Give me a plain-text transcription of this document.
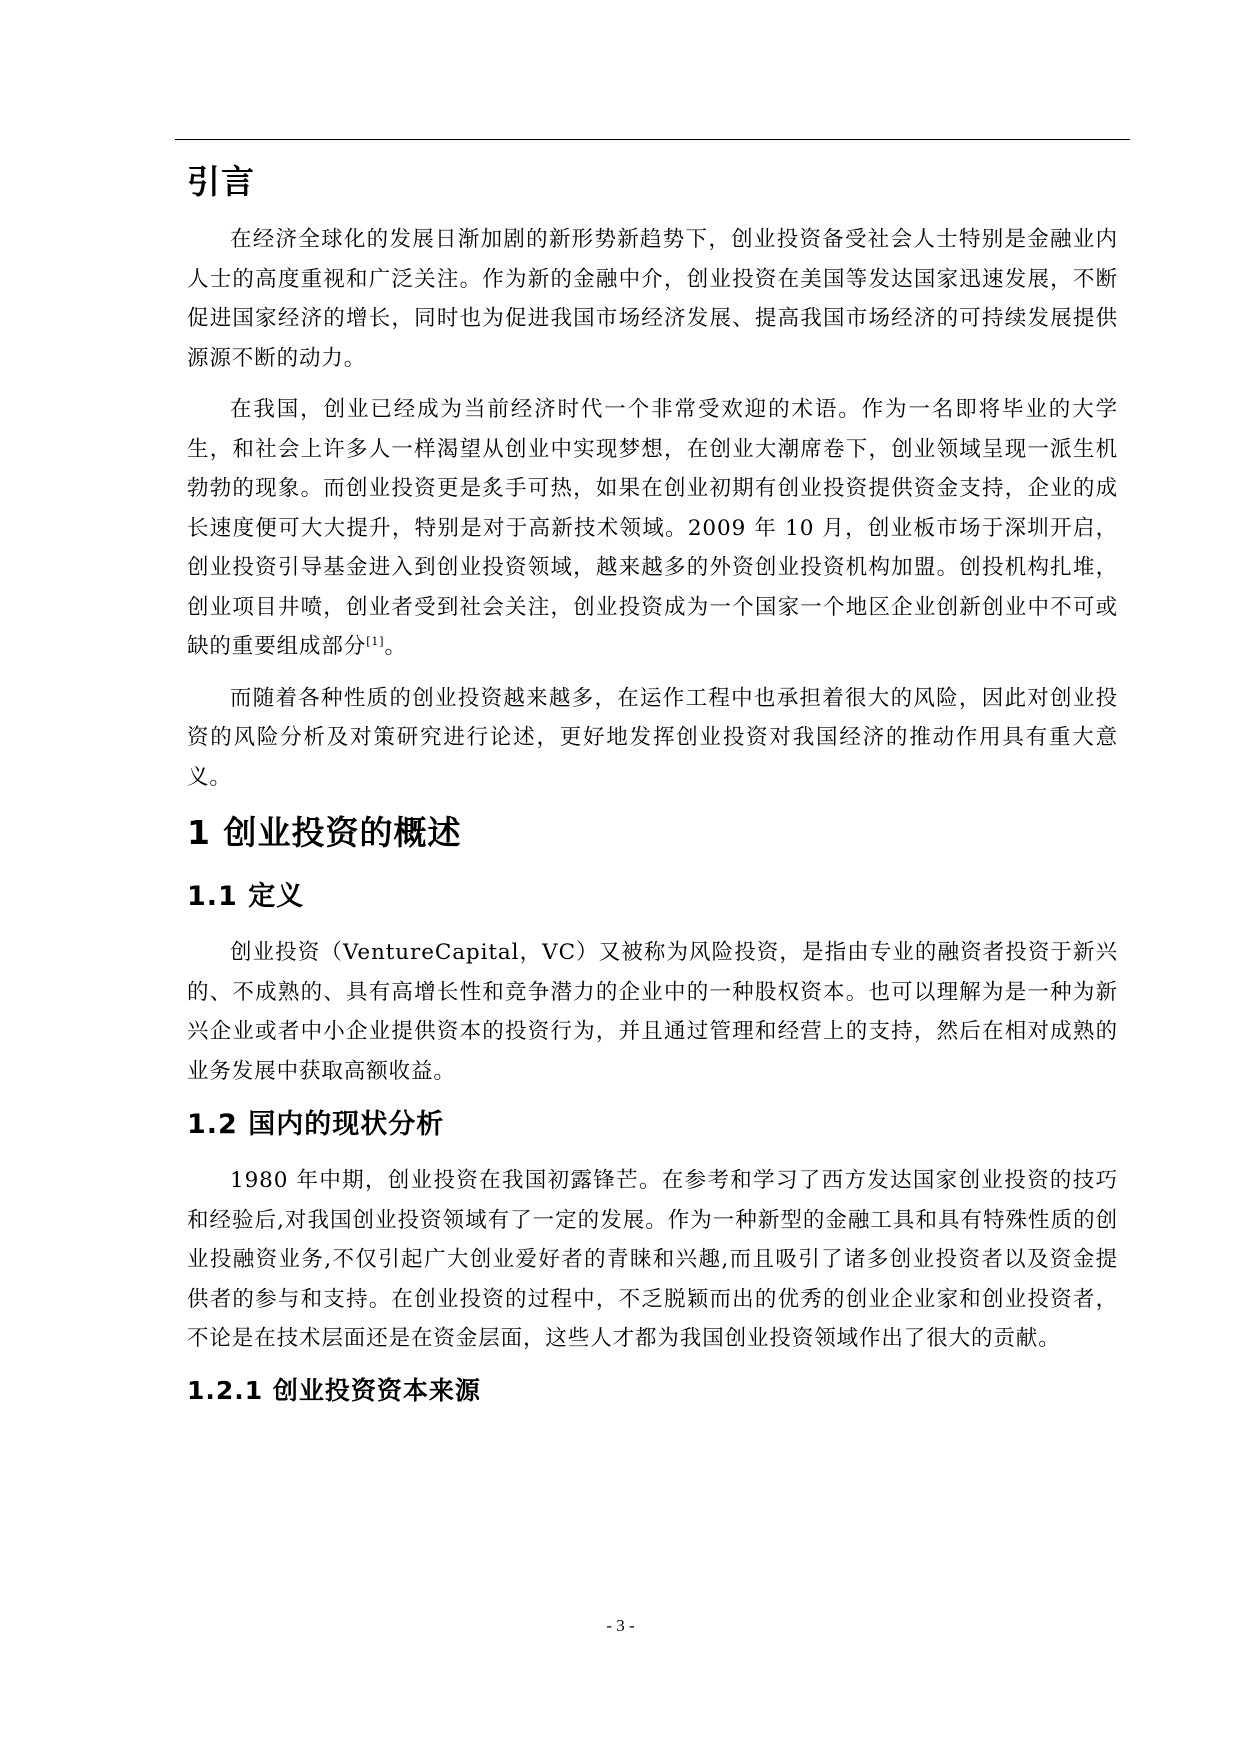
引言

在经济全球化的发展日渐加剧的新形势新趋势下，创业投资备受社会人士特别是金融业内人士的高度重视和广泛关注。作为新的金融中介，创业投资在美国等发达国家迅速发展，不断促进国家经济的增长，同时也为促进我国市场经济发展、提高我国市场经济的可持续发展提供源源不断的动力。

在我国，创业已经成为当前经济时代一个非常受欢迎的术语。作为一名即将毕业的大学生，和社会上许多人一样渴望从创业中实现梦想，在创业大潮席卷下，创业领域呈现一派生机勃勃的现象。而创业投资更是炙手可热，如果在创业初期有创业投资提供资金支持，企业的成长速度便可大大提升，特别是对于高新技术领域。2009 年 10 月，创业板市场于深圳开启，创业投资引导基金进入到创业投资领域，越来越多的外资创业投资机构加盟。创投机构扎堆，创业项目井喷，创业者受到社会关注，创业投资成为一个国家一个地区企业创新创业中不可或缺的重要组成部分[1]。

而随着各种性质的创业投资越来越多，在运作工程中也承担着很大的风险，因此对创业投资的风险分析及对策研究进行论述，更好地发挥创业投资对我国经济的推动作用具有重大意义。

1 创业投资的概述
1.1 定义

创业投资（VentureCapital，VC）又被称为风险投资，是指由专业的融资者投资于新兴的、不成熟的、具有高增长性和竞争潜力的企业中的一种股权资本。也可以理解为是一种为新兴企业或者中小企业提供资本的投资行为，并且通过管理和经营上的支持，然后在相对成熟的业务发展中获取高额收益。

1.2 国内的现状分析

1980 年中期，创业投资在我国初露锋芒。在参考和学习了西方发达国家创业投资的技巧和经验后,对我国创业投资领域有了一定的发展。作为一种新型的金融工具和具有特殊性质的创业投融资业务,不仅引起广大创业爱好者的青睐和兴趣,而且吸引了诸多创业投资者以及资金提供者的参与和支持。在创业投资的过程中，不乏脱颖而出的优秀的创业企业家和创业投资者，不论是在技术层面还是在资金层面，这些人才都为我国创业投资领域作出了很大的贡献。

1.2.1 创业投资资本来源
- 3 -
